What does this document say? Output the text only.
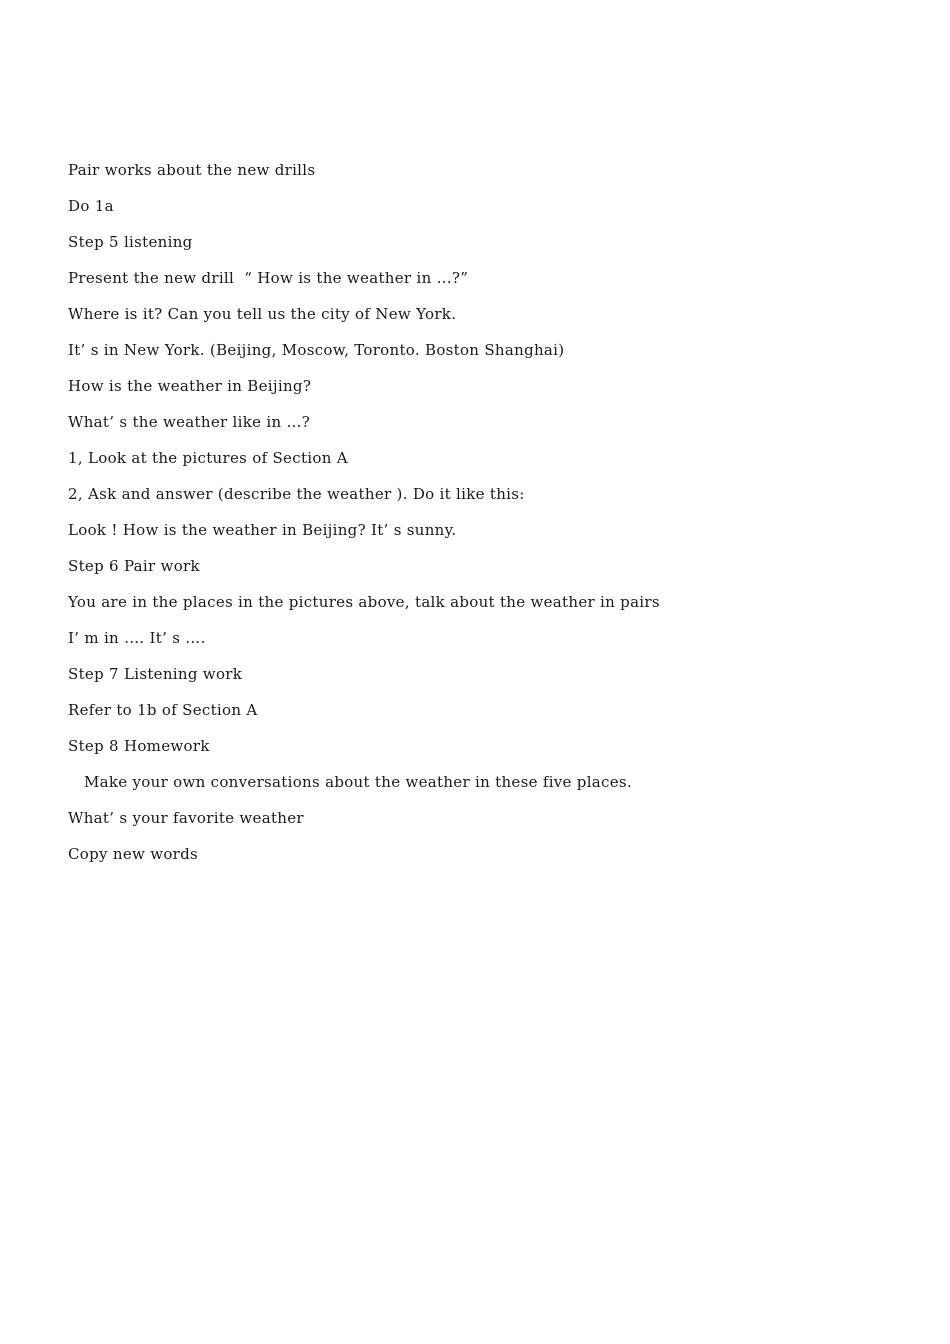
Pair works about the new drills
Do 1a
Step 5 listening
Present the new drill  “ How is the weather in …?”
Where is it? Can you tell us the city of New York.
It’ s in New York. (Beijing, Moscow, Toronto. Boston Shanghai)
How is the weather in Beijing?
What’ s the weather like in …?
1, Look at the pictures of Section A
2, Ask and answer (describe the weather ). Do it like this:
Look ! How is the weather in Beijing? It’ s sunny.
Step 6 Pair work
You are in the places in the pictures above, talk about the weather in pairs
I’ m in …. It’ s ….
Step 7 Listening work
Refer to 1b of Section A
Step 8 Homework
Make your own conversations about the weather in these five places.
What’ s your favorite weather
Copy new words
